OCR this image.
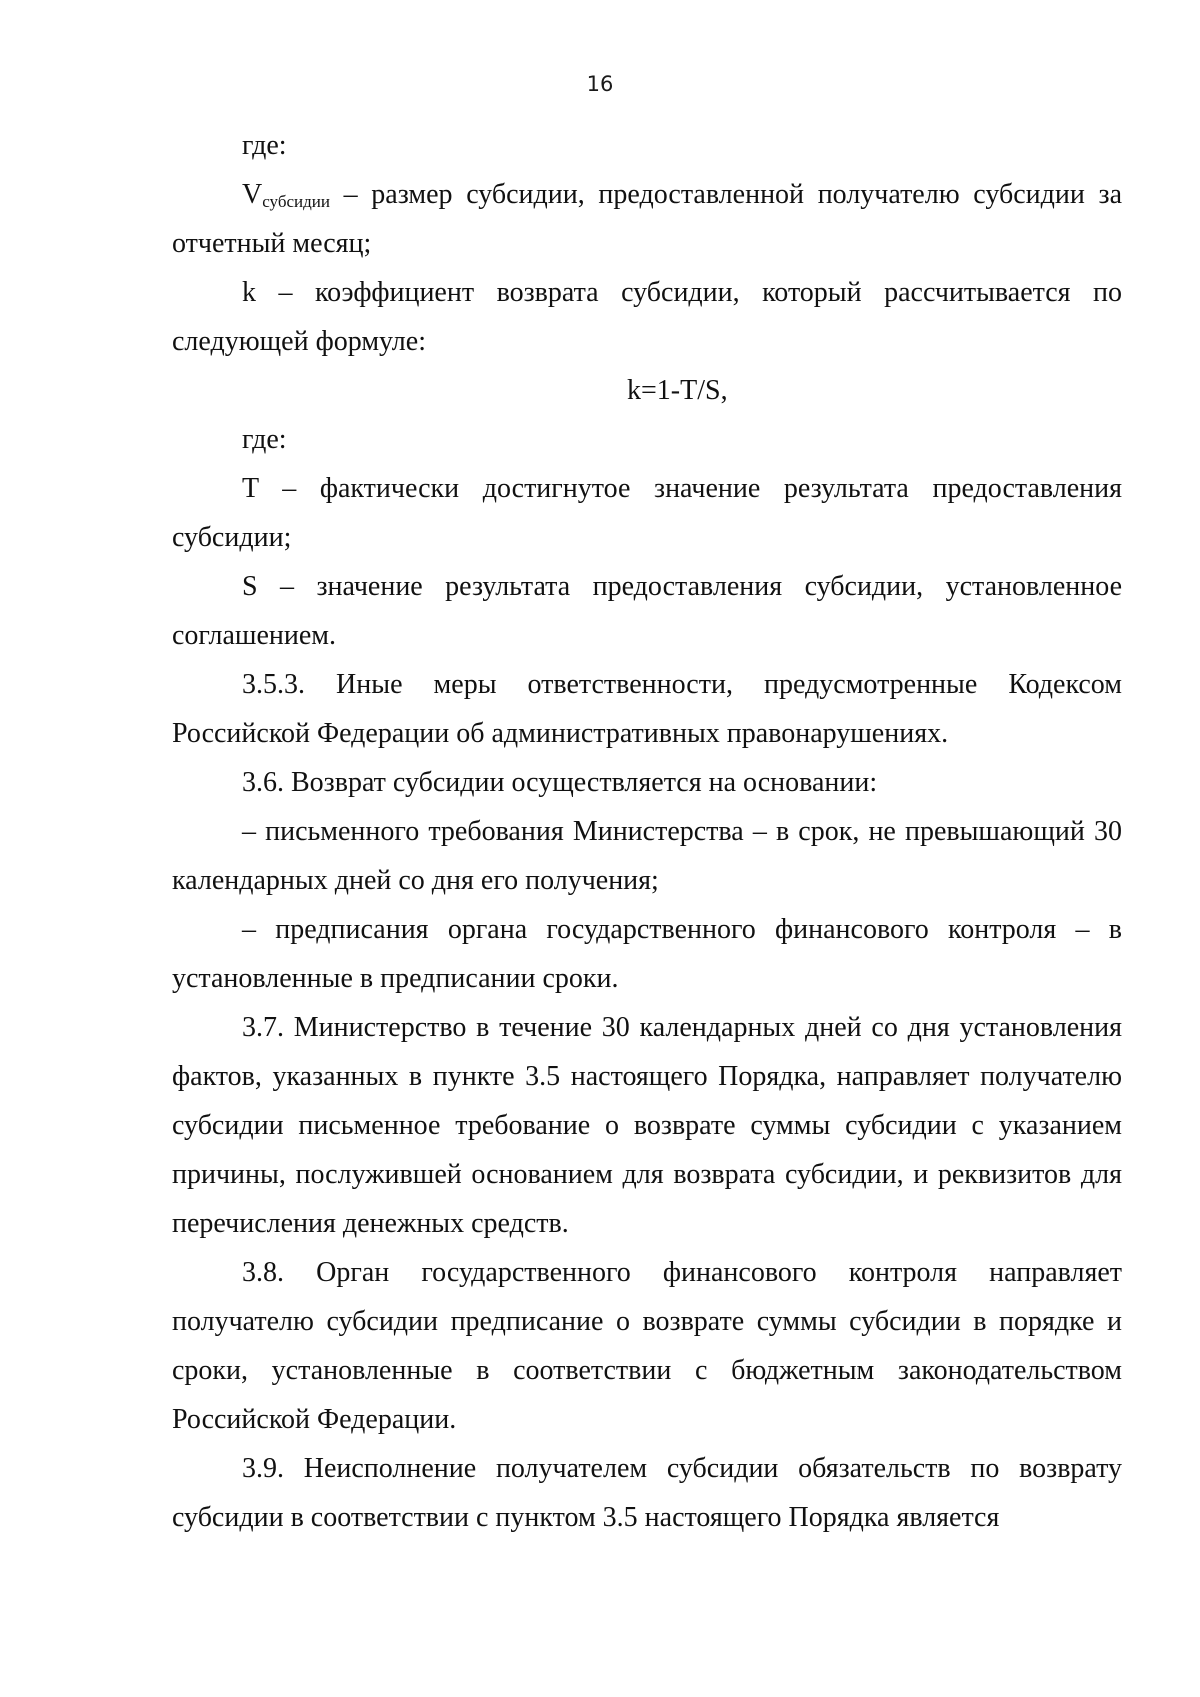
16

где:

$V_{субсидии}$ – размер субсидии, предоставленной получателю субсидии за отчетный месяц;

k – коэффициент возврата субсидии, который рассчитывается по следующей формуле:

k=1-T/S,

где:

T – фактически достигнутое значение результата предоставления субсидии;

S – значение результата предоставления субсидии, установленное соглашением.

3.5.3. Иные меры ответственности, предусмотренные Кодексом Российской Федерации об административных правонарушениях.

3.6. Возврат субсидии осуществляется на основании:

– письменного требования Министерства – в срок, не превышающий 30 календарных дней со дня его получения;

– предписания органа государственного финансового контроля – в установленные в предписании сроки.

3.7. Министерство в течение 30 календарных дней со дня установления фактов, указанных в пункте 3.5 настоящего Порядка, направляет получателю субсидии письменное требование о возврате суммы субсидии с указанием причины, послужившей основанием для возврата субсидии, и реквизитов для перечисления денежных средств.

3.8. Орган государственного финансового контроля направляет получателю субсидии предписание о возврате суммы субсидии в порядке и сроки, установленные в соответствии с бюджетным законодательством Российской Федерации.

3.9. Неисполнение получателем субсидии обязательств по возврату субсидии в соответствии с пунктом 3.5 настоящего Порядка является
